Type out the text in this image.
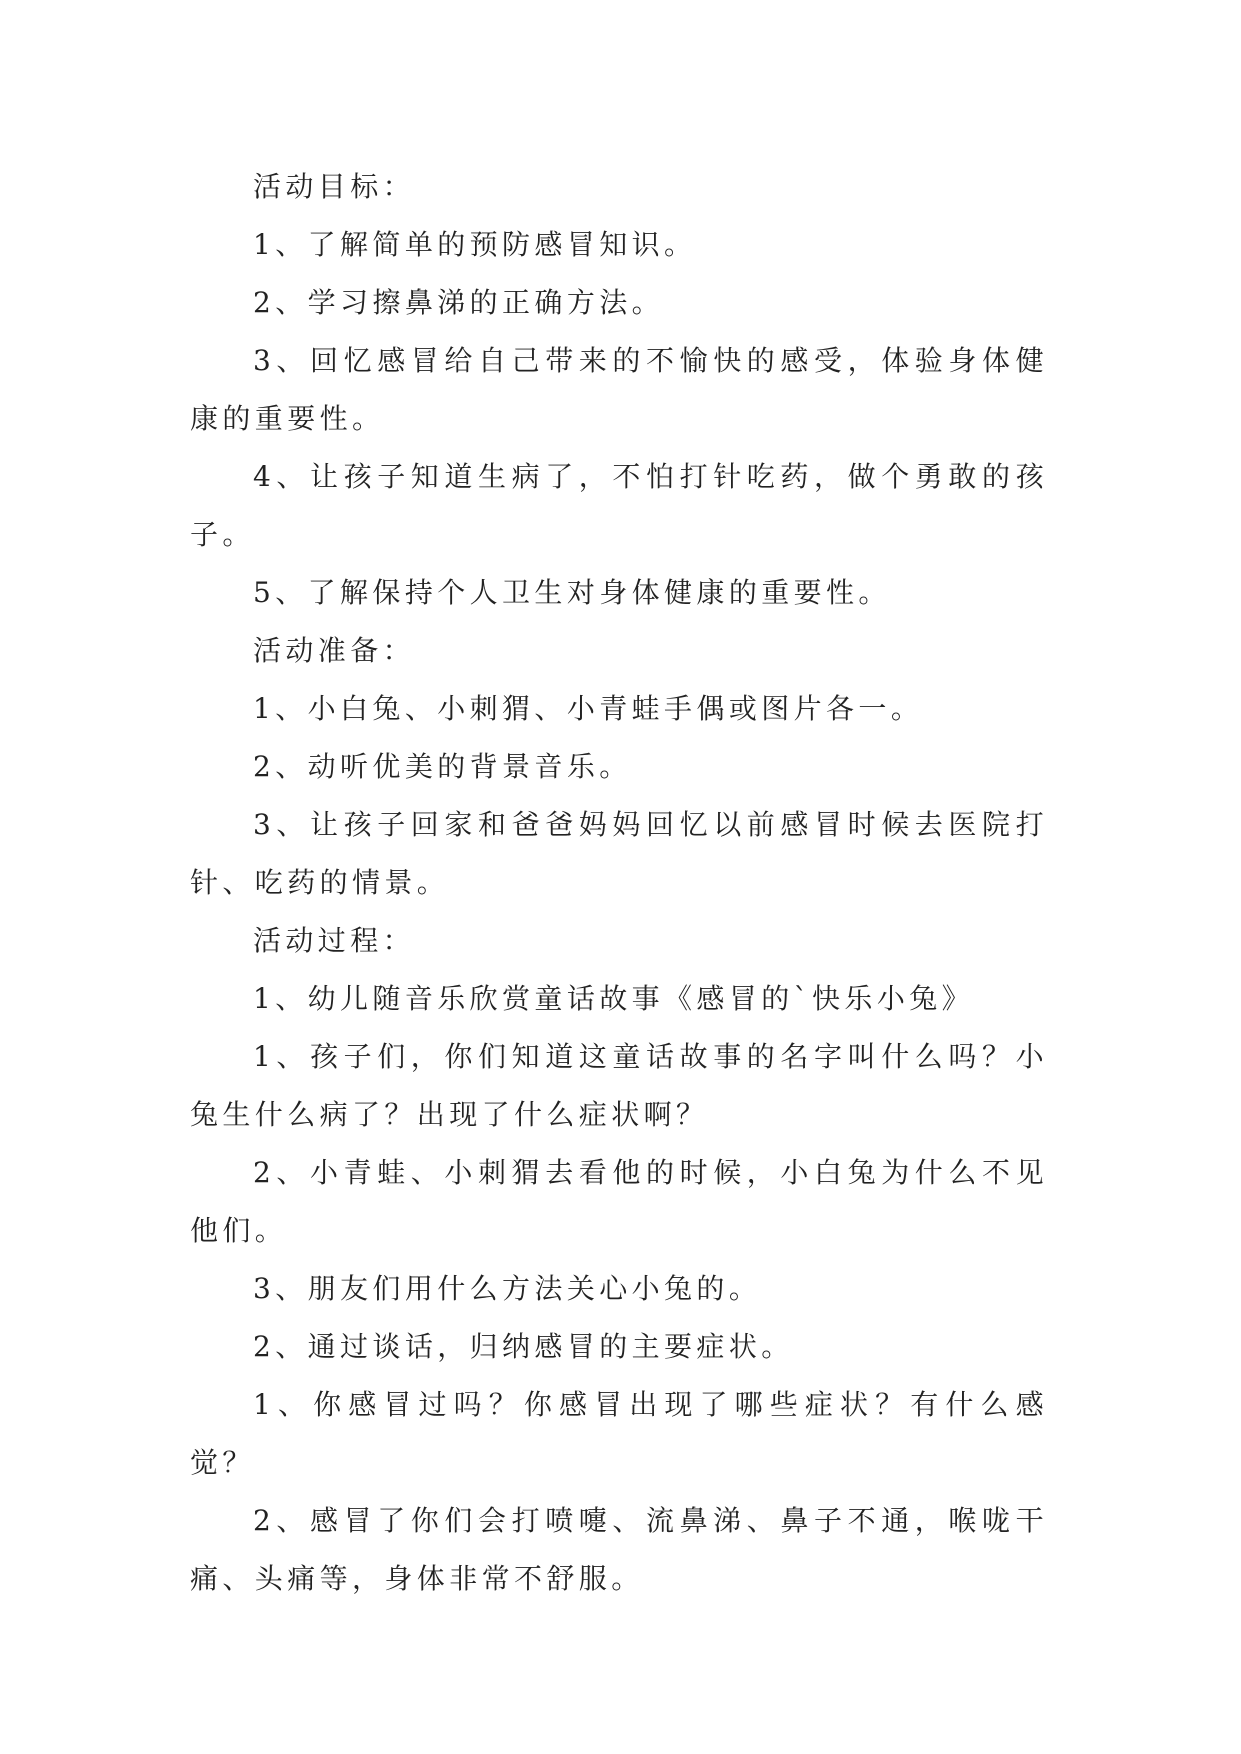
活动目标：

1、了解简单的预防感冒知识。

2、学习擦鼻涕的正确方法。

3、回忆感冒给自己带来的不愉快的感受，体验身体健康的重要性。

4、让孩子知道生病了，不怕打针吃药，做个勇敢的孩子。

5、了解保持个人卫生对身体健康的重要性。

活动准备：

1、小白兔、小刺猬、小青蛙手偶或图片各一。

2、动听优美的背景音乐。

3、让孩子回家和爸爸妈妈回忆以前感冒时候去医院打针、吃药的情景。

活动过程：

1、幼儿随音乐欣赏童话故事《感冒的`快乐小兔》

1、孩子们，你们知道这童话故事的名字叫什么吗？小兔生什么病了？出现了什么症状啊？

2、小青蛙、小刺猬去看他的时候，小白兔为什么不见他们。

3、朋友们用什么方法关心小兔的。

2、通过谈话，归纳感冒的主要症状。

1、你感冒过吗？你感冒出现了哪些症状？有什么感觉？

2、感冒了你们会打喷嚏、流鼻涕、鼻子不通，喉咙干痛、头痛等，身体非常不舒服。
